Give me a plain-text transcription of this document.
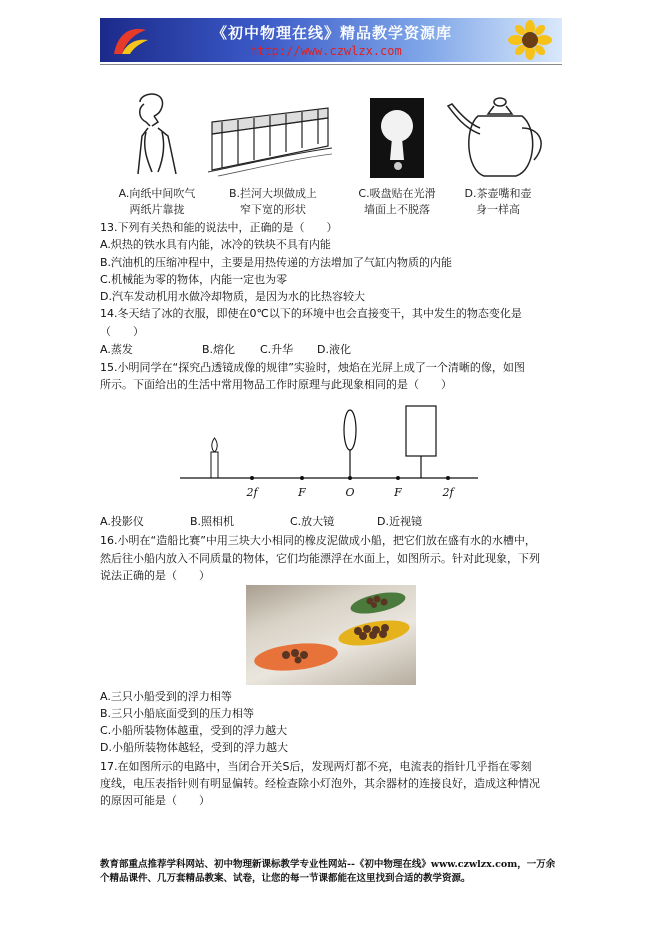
《初中物理在线》精品教学资源库
http://www.czwlzx.com
A.向纸中间吹气
两纸片靠拢
B.拦河大坝做成上
窄下宽的形状
C.吸盘贴在光滑
墙面上不脱落
D.茶壶嘴和壶
身一样高
13.下列有关热和能的说法中，正确的是（　　）
A.炽热的铁水具有内能，冰冷的铁块不具有内能
B.汽油机的压缩冲程中，主要是用热传递的方法增加了气缸内物质的内能
C.机械能为零的物体，内能一定也为零
D.汽车发动机用水做冷却物质，是因为水的比热容较大
14.冬天结了冰的衣服，即使在0℃以下的环境中也会直接变干，其中发生的物态变化是
（　　）
A.蒸发	B.熔化 C.升华 D.液化
15.小明同学在“探究凸透镜成像的规律”实验时，烛焰在光屏上成了一个清晰的像，如图
所示。下面给出的生活中常用物品工作时原理与此现象相同的是（　　）
2f	F	O	F	2f
A.投影仪	B.照相机	C.放大镜	D.近视镜
16.小明在“造船比赛”中用三块大小相同的橡皮泥做成小船，把它们放在盛有水的水槽中，
然后往小船内放入不同质量的物体，它们均能漂浮在水面上，如图所示。针对此现象，下列
说法正确的是（　　）
A.三只小船受到的浮力相等
B.三只小船底面受到的压力相等
C.小船所装物体越重，受到的浮力越大
D.小船所装物体越轻，受到的浮力越大
17.在如图所示的电路中，当闭合开关S后，发现两灯都不亮，电流表的指针几乎指在零刻
度线，电压表指针则有明显偏转。经检查除小灯泡外，其余器材的连接良好，造成这种情况
的原因可能是（　　）
教育部重点推荐学科网站、初中物理新课标教学专业性网站--《初中物理在线》www.czwlzx.com，一万余
个精品课件、几万套精品教案、试卷，让您的每一节课都能在这里找到合适的教学资源。
